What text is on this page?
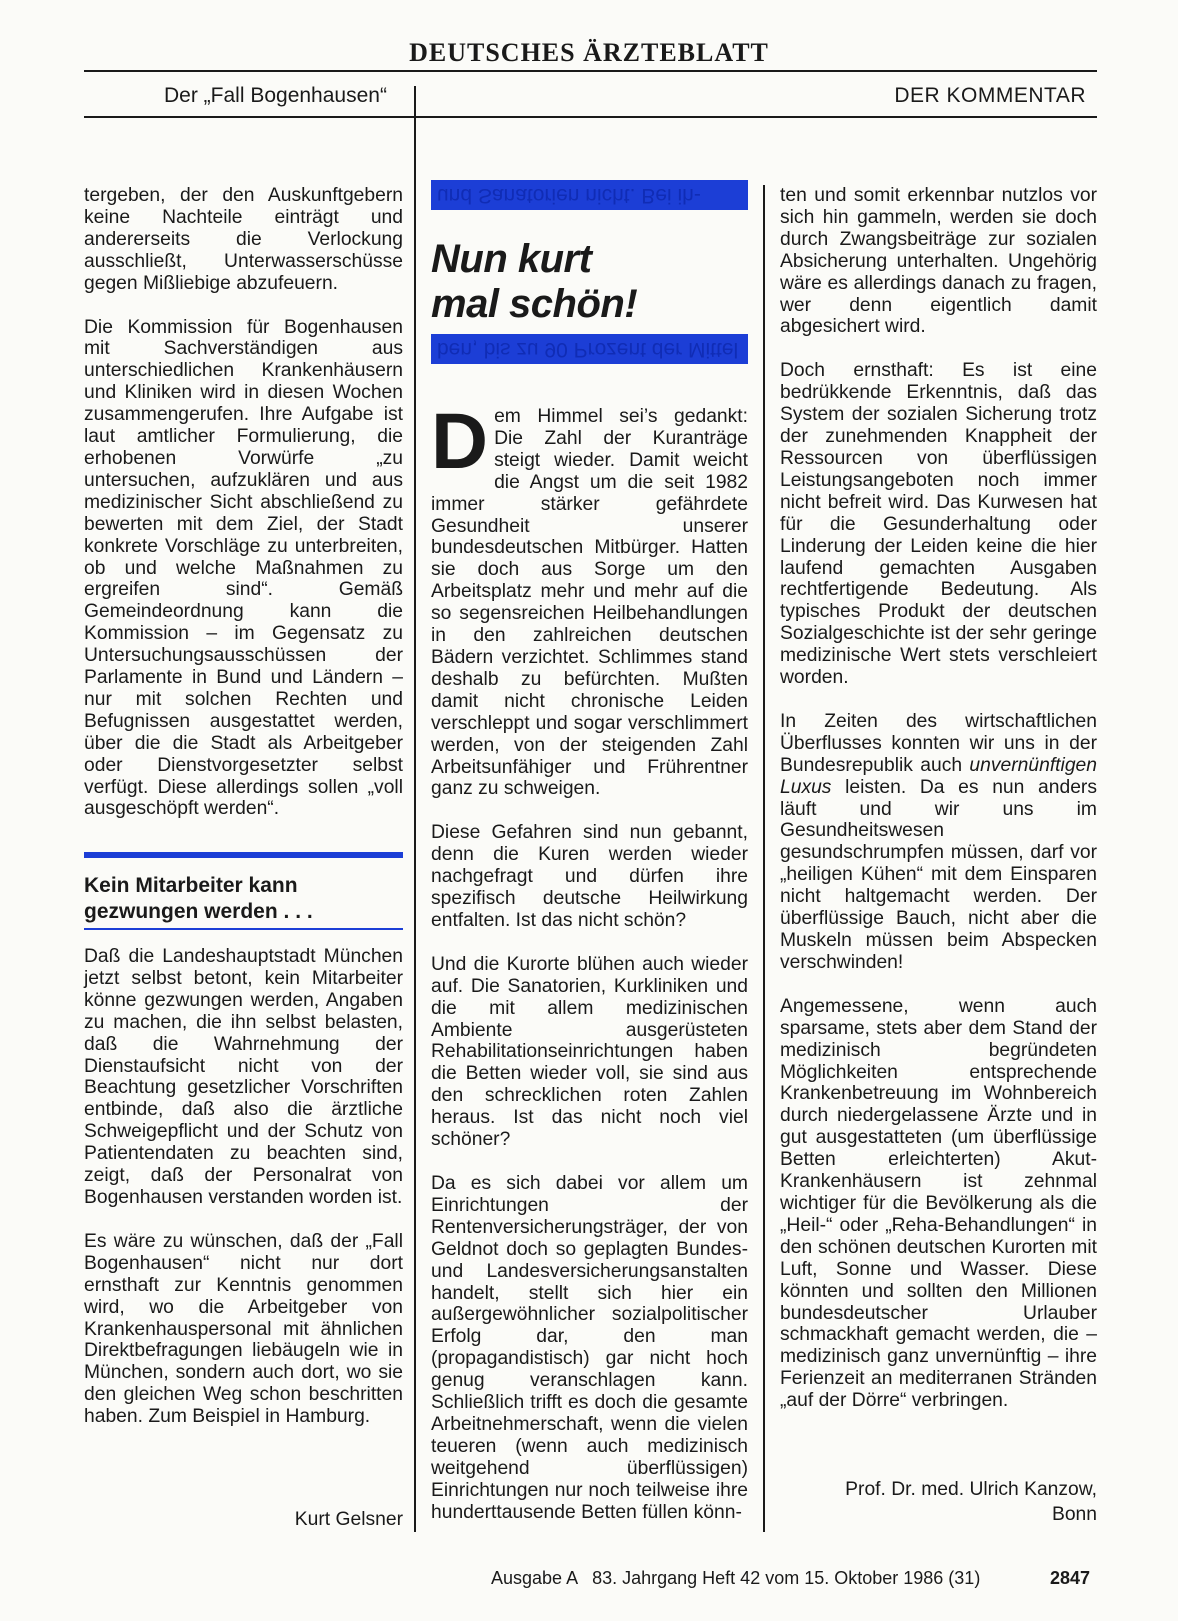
DEUTSCHES ÄRZTEBLATT
Der „Fall Bogenhausen“	DER KOMMENTAR

tergeben, der den Auskunftgebern keine Nachteile einträgt und andererseits die Verlockung ausschließt, Unterwasserschüsse gegen Mißliebige abzufeuern.

Die Kommission für Bogenhausen mit Sachverständigen aus unterschiedlichen Krankenhäusern und Kliniken wird in diesen Wochen zusammengerufen. Ihre Aufgabe ist laut amtlicher Formulierung, die erhobenen Vorwürfe „zu untersuchen, aufzuklären und aus medizinischer Sicht abschließend zu bewerten mit dem Ziel, der Stadt konkrete Vorschläge zu unterbreiten, ob und welche Maßnahmen zu ergreifen sind“. Gemäß Gemeindeordnung kann die Kommission – im Gegensatz zu Untersuchungsausschüssen der Parlamente in Bund und Ländern – nur mit solchen Rechten und Befugnissen ausgestattet werden, über die die Stadt als Arbeitgeber oder Dienstvorgesetzter selbst verfügt. Diese allerdings sollen „voll ausgeschöpft werden“.

Kein Mitarbeiter kann gezwungen werden . . .

Daß die Landeshauptstadt München jetzt selbst betont, kein Mitarbeiter könne gezwungen werden, Angaben zu machen, die ihn selbst belasten, daß die Wahrnehmung der Dienstaufsicht nicht von der Beachtung gesetzlicher Vorschriften entbinde, daß also die ärztliche Schweigepflicht und der Schutz von Patientendaten zu beachten sind, zeigt, daß der Personalrat von Bogenhausen verstanden worden ist.

Es wäre zu wünschen, daß der „Fall Bogenhausen“ nicht nur dort ernsthaft zur Kenntnis genommen wird, wo die Arbeitgeber von Krankenhauspersonal mit ähnlichen Direktbefragungen liebäugeln wie in München, sondern auch dort, wo sie den gleichen Weg schon beschritten haben. Zum Beispiel in Hamburg.

Kurt Gelsner
und Sanatorien nicht. Bei ih-
Nun kurt
mal schön!
ben, bis zu 90 Prozent der Mittel

Dem Himmel sei’s gedankt: Die Zahl der Kuranträge steigt wieder. Damit weicht die Angst um die seit 1982 immer stärker gefährdete Gesundheit unserer bundesdeutschen Mitbürger. Hatten sie doch aus Sorge um den Arbeitsplatz mehr und mehr auf die so segensreichen Heilbehandlungen in den zahlreichen deutschen Bädern verzichtet. Schlimmes stand deshalb zu befürchten. Mußten damit nicht chronische Leiden verschleppt und sogar verschlimmert werden, von der steigenden Zahl Arbeitsunfähiger und Frührentner ganz zu schweigen.

Diese Gefahren sind nun gebannt, denn die Kuren werden wieder nachgefragt und dürfen ihre spezifisch deutsche Heilwirkung entfalten. Ist das nicht schön?

Und die Kurorte blühen auch wieder auf. Die Sanatorien, Kurkliniken und die mit allem medizinischen Ambiente ausgerüsteten Rehabilitationseinrichtungen haben die Betten wieder voll, sie sind aus den schrecklichen roten Zahlen heraus. Ist das nicht noch viel schöner?

Da es sich dabei vor allem um Einrichtungen der Rentenversicherungsträger, der von Geldnot doch so geplagten Bundes- und Landesversicherungsanstalten handelt, stellt sich hier ein außergewöhnlicher sozialpolitischer Erfolg dar, den man (propagandistisch) gar nicht hoch genug veranschlagen kann. Schließlich trifft es doch die gesamte Arbeitnehmerschaft, wenn die vielen teueren (wenn auch medizinisch weitgehend überflüssigen) Einrichtungen nur noch teilweise ihre hunderttausende Betten füllen könn-

ten und somit erkennbar nutzlos vor sich hin gammeln, werden sie doch durch Zwangsbeiträge zur sozialen Absicherung unterhalten. Ungehörig wäre es allerdings danach zu fragen, wer denn eigentlich damit abgesichert wird.

Doch ernsthaft: Es ist eine bedrükkende Erkenntnis, daß das System der sozialen Sicherung trotz der zunehmenden Knappheit der Ressourcen von überflüssigen Leistungsangeboten noch immer nicht befreit wird. Das Kurwesen hat für die Gesunderhaltung oder Linderung der Leiden keine die hier laufend gemachten Ausgaben rechtfertigende Bedeutung. Als typisches Produkt der deutschen Sozialgeschichte ist der sehr geringe medizinische Wert stets verschleiert worden.

In Zeiten des wirtschaftlichen Überflusses konnten wir uns in der Bundesrepublik auch unvernünftigen Luxus leisten. Da es nun anders läuft und wir uns im Gesundheitswesen gesundschrumpfen müssen, darf vor „heiligen Kühen“ mit dem Einsparen nicht haltgemacht werden. Der überflüssige Bauch, nicht aber die Muskeln müssen beim Abspecken verschwinden!

Angemessene, wenn auch sparsame, stets aber dem Stand der medizinisch begründeten Möglichkeiten entsprechende Krankenbetreuung im Wohnbereich durch niedergelassene Ärzte und in gut ausgestatteten (um überflüssige Betten erleichterten) Akut-Krankenhäusern ist zehnmal wichtiger für die Bevölkerung als die „Heil-“ oder „Reha-Behandlungen“ in den schönen deutschen Kurorten mit Luft, Sonne und Wasser. Diese könnten und sollten den Millionen bundesdeutscher Urlauber schmackhaft gemacht werden, die – medizinisch ganz unvernünftig – ihre Ferienzeit an mediterranen Stränden „auf der Dörre“ verbringen.

Prof. Dr. med. Ulrich Kanzow,
Bonn
Ausgabe A   83. Jahrgang Heft 42 vom 15. Oktober 1986 (31)	2847
